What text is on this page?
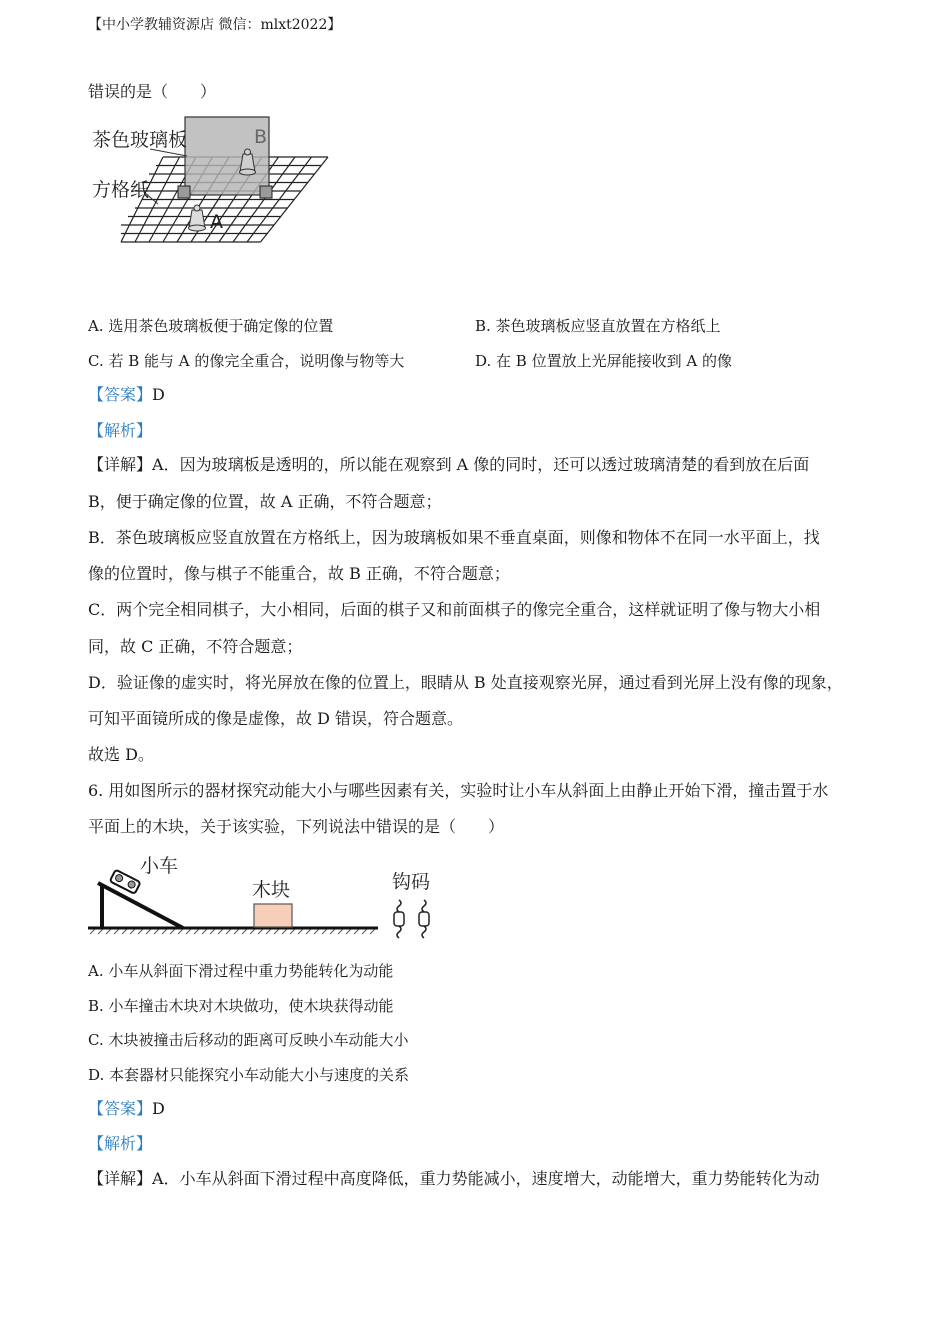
【中小学教辅资源店 微信：mlxt2022】
错误的是（　　）
茶色玻璃板
方格纸
B
A
A. 选用茶色玻璃板便于确定像的位置	B. 茶色玻璃板应竖直放置在方格纸上
C. 若 B 能与 A 的像完全重合，说明像与物等大	D. 在 B 位置放上光屏能接收到 A 的像
【答案】D
【解析】
【详解】A．因为玻璃板是透明的，所以能在观察到 A 像的同时，还可以透过玻璃清楚的看到放在后面
B，便于确定像的位置，故 A 正确，不符合题意；
B．茶色玻璃板应竖直放置在方格纸上，因为玻璃板如果不垂直桌面，则像和物体不在同一水平面上，找
像的位置时，像与棋子不能重合，故 B 正确，不符合题意；
C．两个完全相同棋子，大小相同，后面的棋子又和前面棋子的像完全重合，这样就证明了像与物大小相
同，故 C 正确，不符合题意；
D．验证像的虚实时，将光屏放在像的位置上，眼睛从 B 处直接观察光屏，通过看到光屏上没有像的现象，
可知平面镜所成的像是虚像，故 D 错误，符合题意。
故选 D。
6. 用如图所示的器材探究动能大小与哪些因素有关，实验时让小车从斜面上由静止开始下滑，撞击置于水
平面上的木块，关于该实验，下列说法中错误的是（　　）
小车
木块	钩码
A. 小车从斜面下滑过程中重力势能转化为动能
B. 小车撞击木块对木块做功，使木块获得动能
C. 木块被撞击后移动的距离可反映小车动能大小
D. 本套器材只能探究小车动能大小与速度的关系
【答案】D
【解析】
【详解】A．小车从斜面下滑过程中高度降低，重力势能减小，速度增大，动能增大，重力势能转化为动
